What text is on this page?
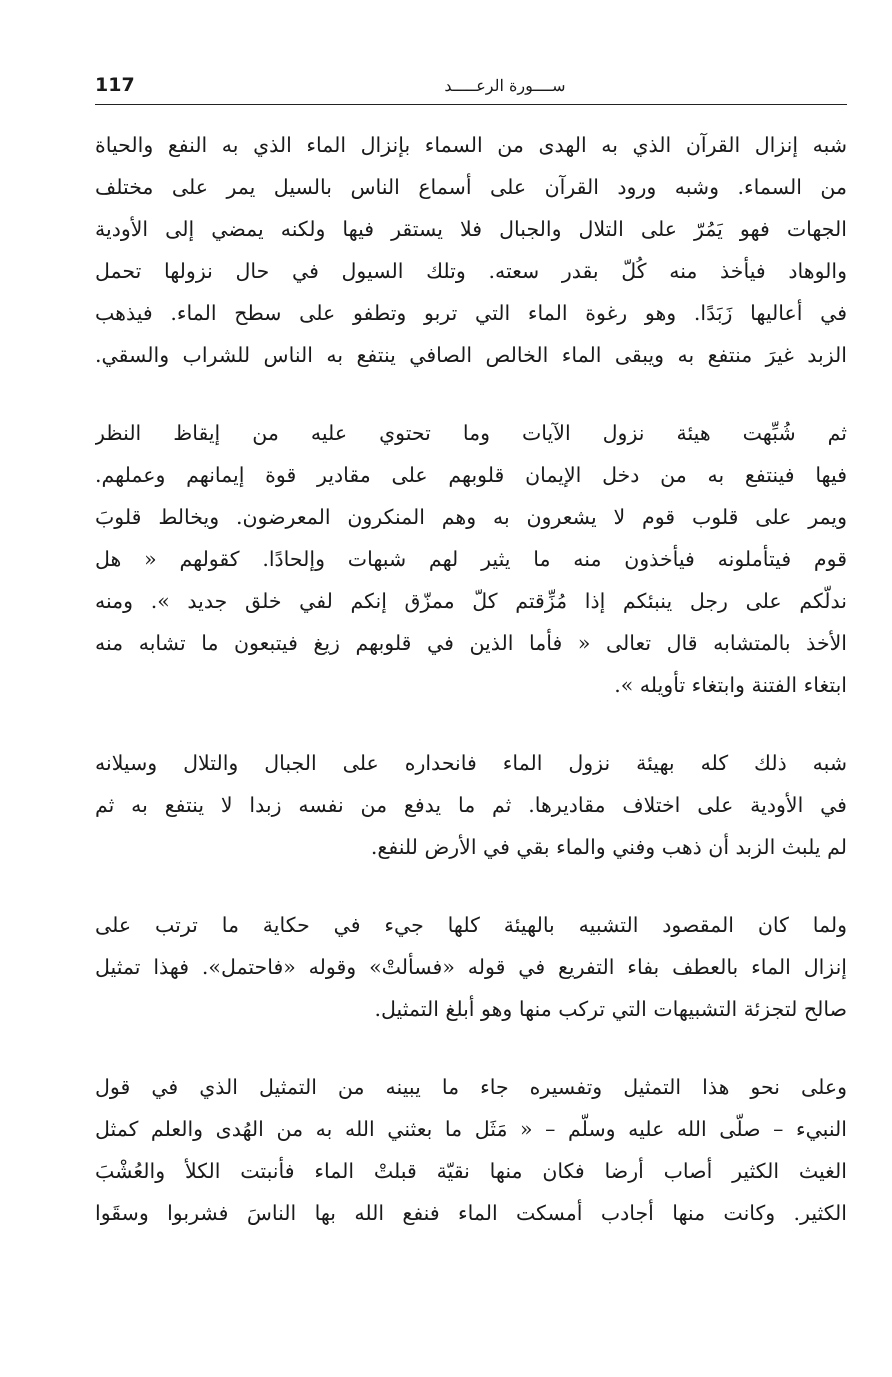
117	ســــورة الرعـــــد
شبه إنزال القرآن الذي به الهدى من السماء بإنزال الماء الذي به النفع والحياة
من السماء. وشبه ورود القرآن على أسماع الناس بالسيل يمر على مختلف
الجهات فهو يَمُرّ على التلال والجبال فلا يستقر فيها ولكنه يمضي إلى الأودية
والوهاد فيأخذ منه كُلّ بقدر سعته. وتلك السيول في حال نزولها تحمل
في أعاليها زَبَدًا. وهو رغوة الماء التي تربو وتطفو على سطح الماء. فيذهب
الزبد غيرَ منتفع به ويبقى الماء الخالص الصافي ينتفع به الناس للشراب والسقي.
ثم شُبِّهت هيئة نزول الآيات وما تحتوي عليه من إيقاظ النظر
فيها فينتفع به من دخل الإيمان قلوبهم على مقادير قوة إيمانهم وعملهم.
ويمر على قلوب قوم لا يشعرون به وهم المنكرون المعرضون. ويخالط قلوبَ
قوم فيتأملونه فيأخذون منه ما يثير لهم شبهات وإلحادًا. كقولهم « هل
ندلّكم على رجل ينبئكم إذا مُزِّقتم كلّ ممزّق إنكم لفي خلق جديد ». ومنه
الأخذ بالمتشابه قال تعالى « فأما الذين في قلوبهم زيغ فيتبعون ما تشابه منه
ابتغاء الفتنة وابتغاء تأويله ».
شبه ذلك كله بهيئة نزول الماء فانحداره على الجبال والتلال وسيلانه
في الأودية على اختلاف مقاديرها. ثم ما يدفع من نفسه زبدا لا ينتفع به ثم
لم يلبث الزبد أن ذهب وفني والماء بقي في الأرض للنفع.
ولما كان المقصود التشبيه بالهيئة كلها جيء في حكاية ما ترتب على
إنزال الماء بالعطف بفاء التفريع في قوله «فسألتْ» وقوله «فاحتمل». فهذا تمثيل
صالح لتجزئة التشبيهات التي تركب منها وهو أبلغ التمثيل.
وعلى نحو هذا التمثيل وتفسيره جاء ما يبينه من التمثيل الذي في قول
النبيء – صلّى الله عليه وسلّم – « مَثَل ما بعثني الله به من الهُدى والعلم كمثل
الغيث الكثير أصاب أرضا فكان منها نقيّة قبلتْ الماء فأنبتت الكلأ والعُشْبَ
الكثير. وكانت منها أجادب أمسكت الماء فنفع الله بها الناسَ فشربوا وسقَوا
